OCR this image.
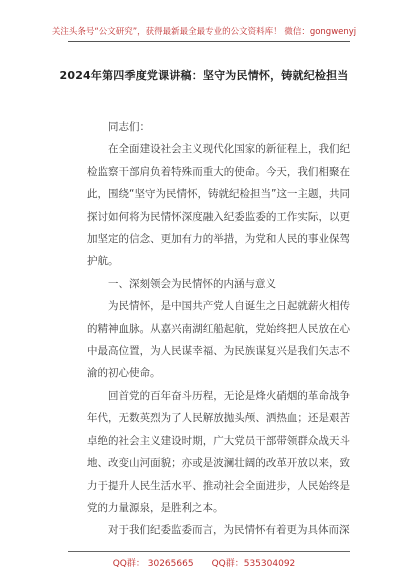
关注头条号“公文研究”，获得最新最全最专业的公文资料库！ 微信：gongwenyj
2024年第四季度党课讲稿：坚守为民情怀，铸就纪检担当

同志们：

在全面建设社会主义现代化国家的新征程上，我们纪检监察干部肩负着特殊而重大的使命。今天，我们相聚在此，围绕“坚守为民情怀，铸就纪检担当”这一主题，共同探讨如何将为民情怀深度融入纪委监委的工作实际，以更加坚定的信念、更加有力的举措，为党和人民的事业保驾护航。

一、深刻领会为民情怀的内涵与意义

为民情怀，是中国共产党人自诞生之日起就薪火相传的精神血脉。从嘉兴南湖红船起航，党始终把人民放在心中最高位置，为人民谋幸福、为民族谋复兴是我们矢志不渝的初心使命。

回首党的百年奋斗历程，无论是烽火硝烟的革命战争年代，无数英烈为了人民解放抛头颅、洒热血；还是艰苦卓绝的社会主义建设时期，广大党员干部带领群众战天斗地、改变山河面貌；亦或是波澜壮阔的改革开放以来，致力于提升人民生活水平、推动社会全面进步，人民始终是党的力量源泉，是胜利之本。

对于我们纪委监委而言，为民情怀有着更为具体而深

QQ群： 30265665 QQ群：535304092
